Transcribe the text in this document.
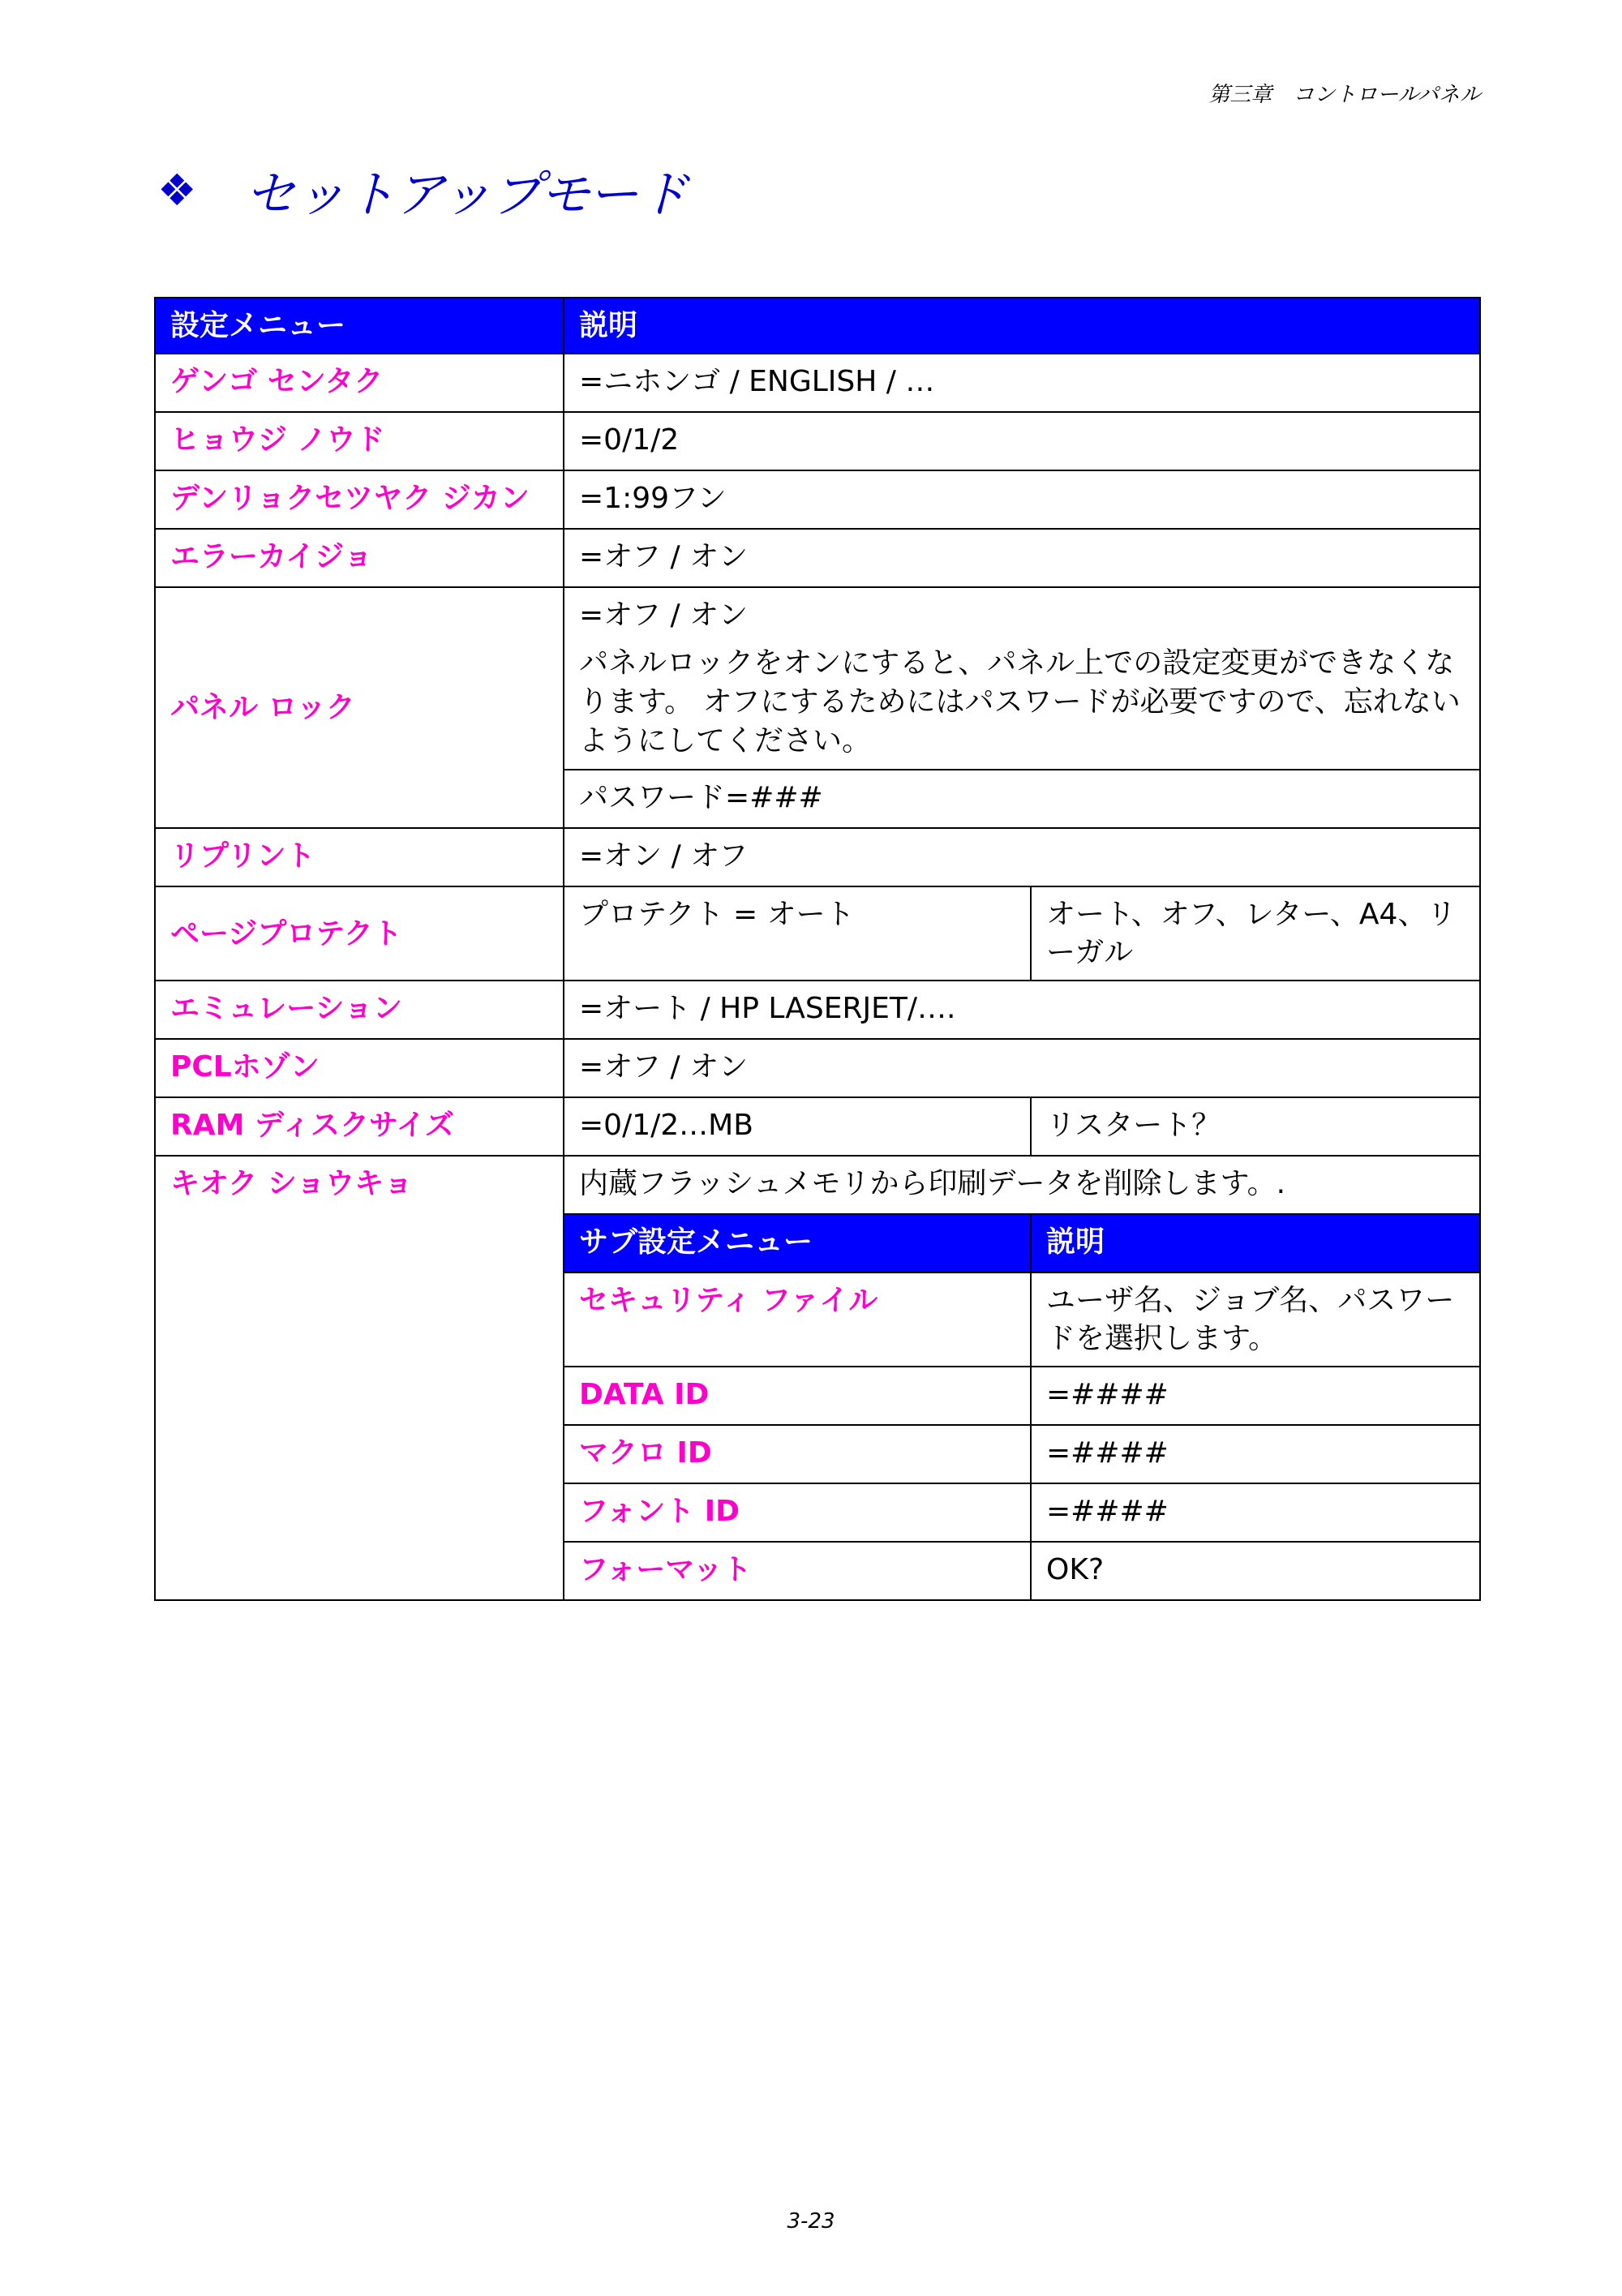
第三章　コントロールパネル
❖ セットアップモード
設定メニュー	説明	
ゲンゴ センタク	=ニホンゴ / ENGLISH / …	
ヒョウジ ノウド	=0/1/2	
デンリョクセツヤク ジカン	=1:99フン	
エラーカイジョ	=オフ / オン	
パネル ロック	=オフ / オン
パネルロックをオンにすると、パネル上での設定変更ができなくなります。 オフにするためにはパスワードが必要ですので、忘れないようにしてください。	

	パスワード=###	
リプリント	=オン / オフ	
ページプロテクト	プロテクト = オート	オート、オフ、レター、A4、リーガル
エミュレーション	=オート / HP LASERJET/….	
PCLホゾン	=オフ / オン	
RAM ディスクサイズ	=0/1/2…MB	リスタート？
キオク ショウキョ	内蔵フラッシュメモリから印刷データを削除します。.	
	サブ設定メニュー	説明
	セキュリティ ファイル	ユーザ名、ジョブ名、パスワードを選択します。
	DATA ID	=####
	マクロ ID	=####
	フォント ID	=####
	フォーマット	OK?
3-23
